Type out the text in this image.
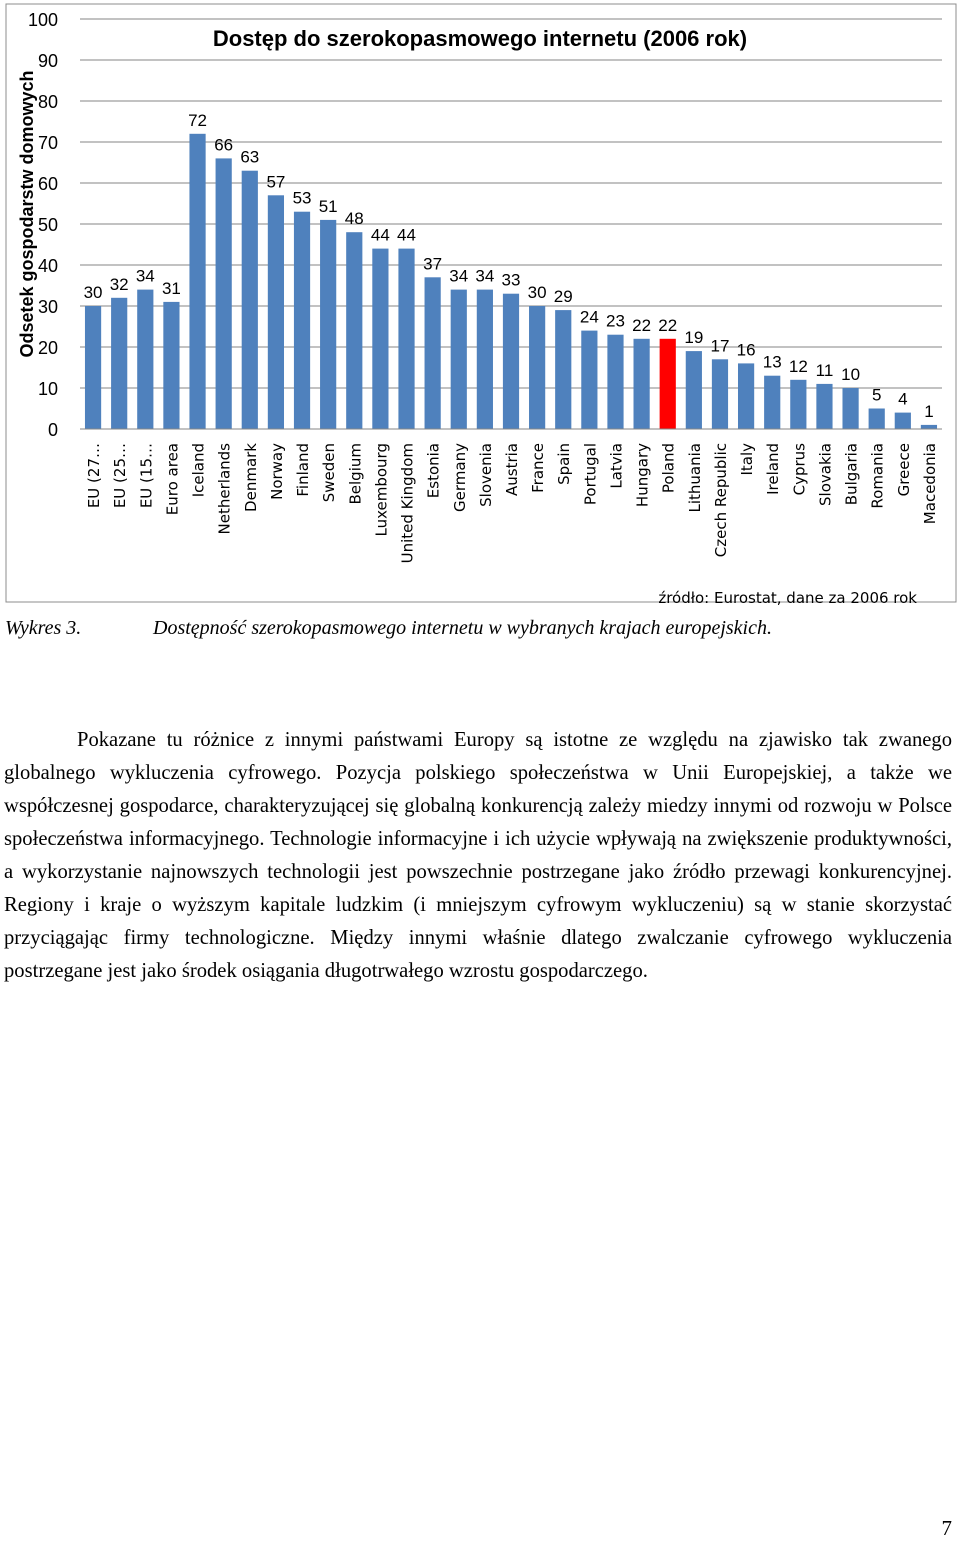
Dostęp do szerokopasmowego internetu (2006 rok)
Odsetek gospodarstw domowych
0
10
20
30
40
50
60
70
80
90
100
30 32 34
31
72
66
63
57
53 51
48
44 44
37
34 34 33
30 29
24 23 22 22
19 17 16
13 12 11 10
5 4
1
EU (27… EU (25… EU (15… Euro area Iceland Netherlands Denmark Norway Finland Sweden Belgium Luxembourg United Kingdom Estonia Germany Slovenia Austria France Spain Portugal Latvia Hungary Poland Lithuania Czech Republic Italy Ireland Cyprus Slovakia Bulgaria Romania Greece Macedonia
źródło: Eurostat, dane za 2006 rok
Wykres 3.	Dostępność szerokopasmowego internetu w wybranych krajach europejskich.

Pokazane tu różnice z innymi państwami Europy są istotne ze względu na zjawisko tak zwanego globalnego wykluczenia cyfrowego. Pozycja polskiego społeczeństwa w Unii Europejskiej, a także we współczesnej gospodarce, charakteryzującej się globalną konkurencją zależy miedzy innymi od rozwoju w Polsce społeczeństwa informacyjnego. Technologie informacyjne i ich użycie wpływają na zwiększenie produktywności, a wykorzystanie najnowszych technologii jest powszechnie postrzegane jako źródło przewagi konkurencyjnej. Regiony i kraje o wyższym kapitale ludzkim (i mniejszym cyfrowym wykluczeniu) są w stanie skorzystać przyciągając firmy technologiczne. Między innymi właśnie dlatego zwalczanie cyfrowego wykluczenia postrzegane jest jako środek osiągania długotrwałego wzrostu gospodarczego.

7
